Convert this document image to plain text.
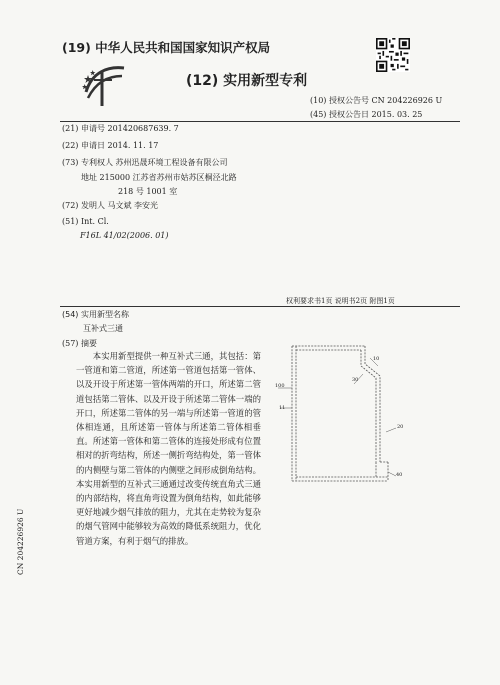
(19) 中华人民共和国国家知识产权局
(12) 实用新型专利
(10) 授权公告号 CN 204226926 U
(45) 授权公告日 2015. 03. 25
(21) 申请号 201420687639. 7
(22) 申请日 2014. 11. 17
(73) 专利权人 苏州迅晟环境工程设备有限公司
地址 215000 江苏省苏州市姑苏区桐泾北路
218 号 1001 室
(72) 发明人 马文斌 李安光
(51) Int. Cl.
F16L 41/02(2006. 01)
权利要求书1页 说明书2页 附图1页
(54) 实用新型名称
互补式三通
(57) 摘要
本实用新型提供一种互补式三通，其包括：第一管道和第二管道，所述第一管道包括第一管体、以及开设于所述第一管体两端的开口，所述第二管道包括第二管体、以及开设于所述第二管体一端的开口，所述第二管体的另一端与所述第一管道的管体相连通，且所述第一管体与所述第二管体相垂直。所述第一管体和第二管体的连接处形成有位置相对的折弯结构，所述一侧折弯结构处，第一管体的内侧壁与第二管体的内侧壁之间形成倒角结构。本实用新型的互补式三通通过改变传统直角式三通的内部结构，将直角弯设置为倒角结构，如此能够更好地减少烟气排放的阻力，尤其在走势较为复杂的烟气管网中能够较为高效的降低系统阻力，优化管道方案，有利于烟气的排放。
30
10
11
20
40
100
CN 204226926 U
